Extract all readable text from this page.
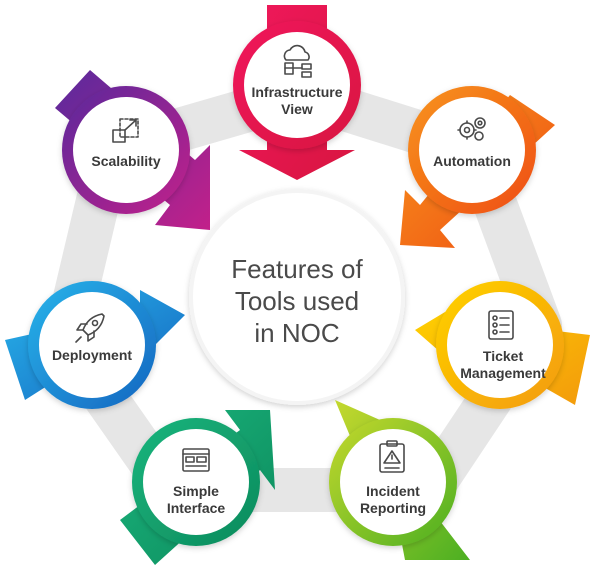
Features of
Tools used
in NOC
Infrastructure
View
Automation
Ticket
Management
Incident
Reporting
Simple
Interface
Deployment
Scalability
